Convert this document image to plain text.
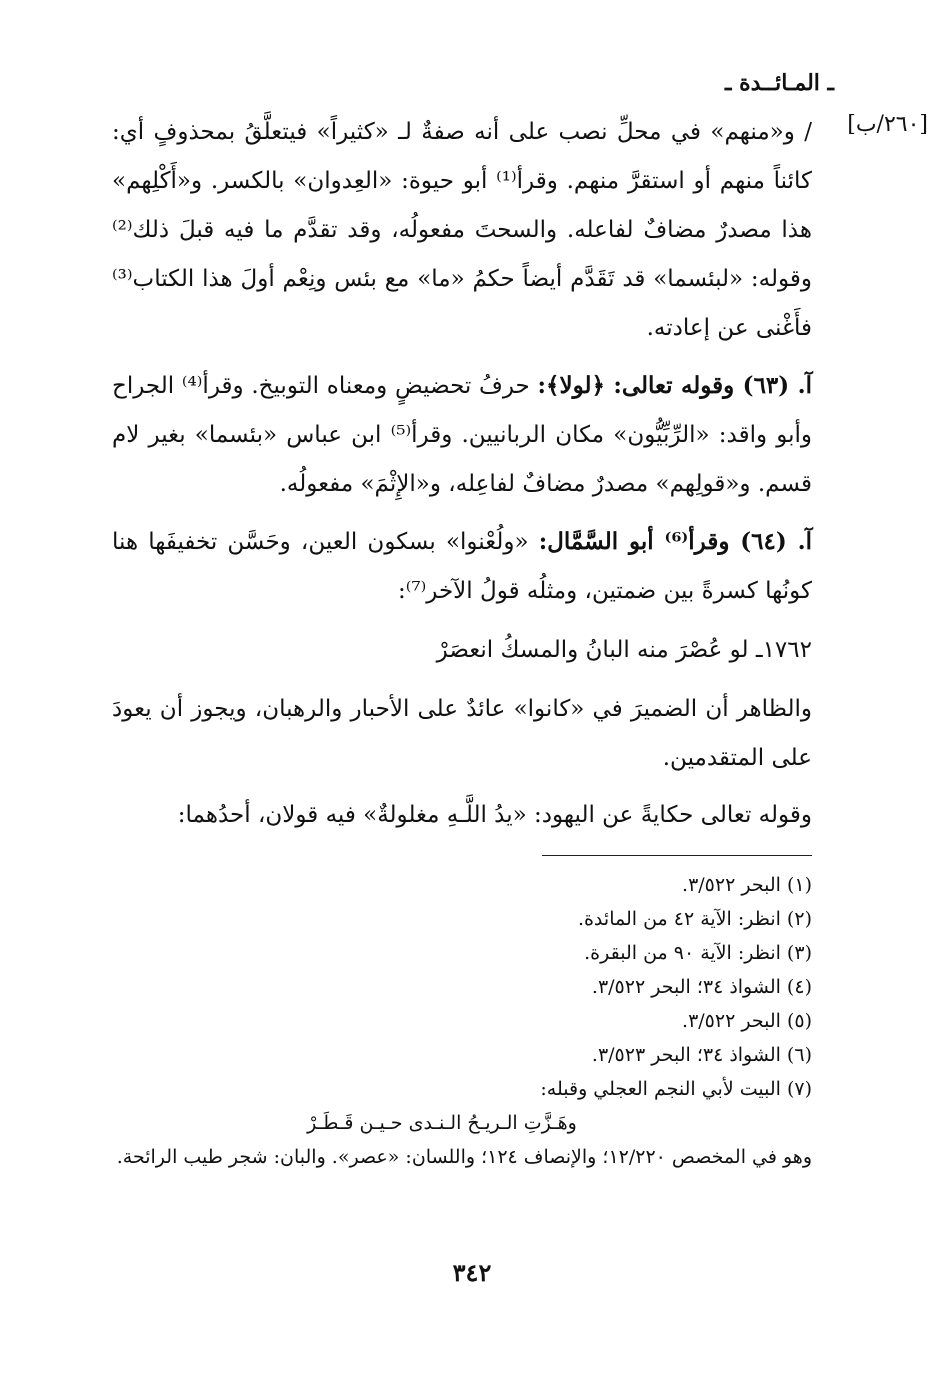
ـ المـائــدة ـ
[٢٦٠/ب]

/ و«منهم» في محلِّ نصب على أنه صفةٌ لـ «كثيراً» فيتعلَّقُ بمحذوفٍ أي: كائناً منهم أو استقرَّ منهم. وقرأ⁽¹⁾ أبو حيوة: «العِدوان» بالكسر. و«أَكْلِهم» هذا مصدرٌ مضافٌ لفاعله. والسحتَ مفعولُه، وقد تقدَّم ما فيه قبلَ ذلك⁽²⁾ وقوله: «لبئسما» قد تَقَدَّم أيضاً حكمُ «ما» مع بئس ونِعْم أولَ هذا الكتاب⁽³⁾ فأَغْنى عن إعادته.

آ. (٦٣) وقوله تعالى: ﴿لولا﴾: حرفُ تحضيضٍ ومعناه التوبيخ. وقرأ⁽⁴⁾ الجراح وأبو واقد: «الرِّبِّيُّون» مكان الربانيين. وقرأ⁽⁵⁾ ابن عباس «بئسما» بغير لام قسم. و«قولِهم» مصدرٌ مضافٌ لفاعِله، و«الإِثْمَ» مفعولُه.

آ. (٦٤) وقرأ⁽⁶⁾ أبو السَّمَّال: «ولُعْنوا» بسكون العين، وحَسَّن تخفيفَها هنا كونُها كسرةً بين ضمتين، ومثلُه قولُ الآخر⁽⁷⁾:

١٧٦٢ـ لو عُصْرَ منه البانُ والمسكُ انعصَرْ

والظاهر أن الضميرَ في «كانوا» عائدٌ على الأحبار والرهبان، ويجوز أن يعودَ على المتقدمين.

وقوله تعالى حكايةً عن اليهود: «يدُ اللَّـهِ مغلولةٌ» فيه قولان، أحدُهما:

(١) البحر ٣/٥٢٢.

(٢) انظر: الآية ٤٢ من المائدة.

(٣) انظر: الآية ٩٠ من البقرة.

(٤) الشواذ ٣٤؛ البحر ٣/٥٢٢.

(٥) البحر ٣/٥٢٢.

(٦) الشواذ ٣٤؛ البحر ٣/٥٢٣.

(٧) البيت لأبي النجم العجلي وقبله:

وهَـزَّتِ الـريـحُ الـنـدى حـيـن قَـطَـرْ

وهو في المخصص ١٢/٢٢٠؛ والإنصاف ١٢٤؛ واللسان: «عصر». والبان: شجر طيب الرائحة.

٣٤٢
